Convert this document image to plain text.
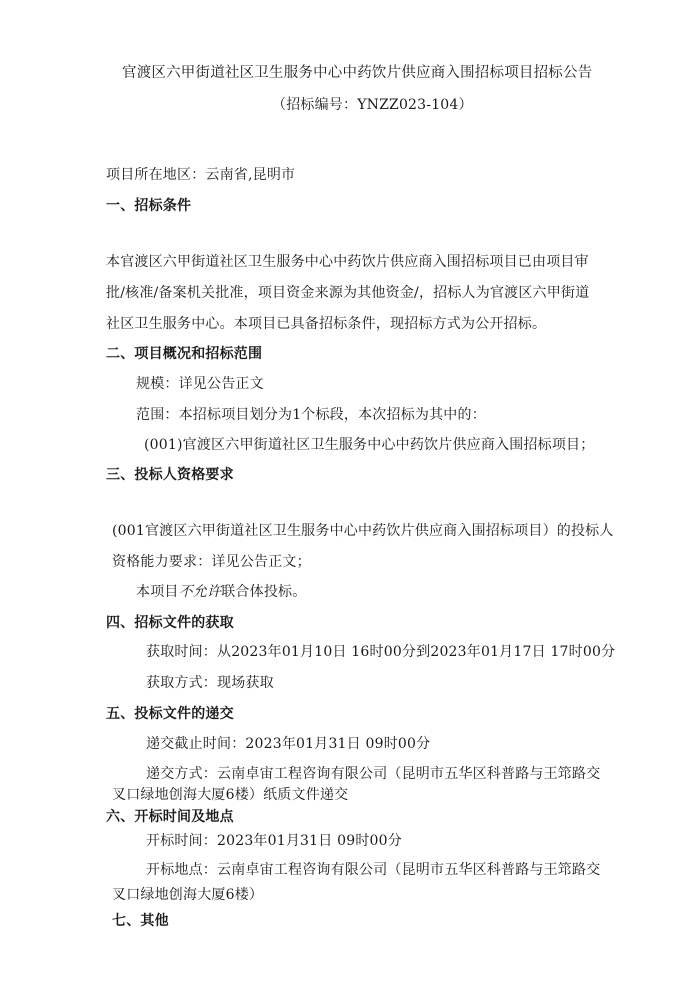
官渡区六甲街道社区卫生服务中心中药饮片供应商入围招标项目招标公告
（招标编号：YNZZ023-104）
项目所在地区：云南省,昆明市
一、招标条件
本官渡区六甲街道社区卫生服务中心中药饮片供应商入围招标项目已由项目审
批/核准/备案机关批准，项目资金来源为其他资金/，招标人为官渡区六甲街道
社区卫生服务中心。本项目已具备招标条件，现招标方式为公开招标。
二、项目概况和招标范围
规模：详见公告正文
范围：本招标项目划分为1个标段，本次招标为其中的：
(001)官渡区六甲街道社区卫生服务中心中药饮片供应商入围招标项目；
三、投标人资格要求
(001官渡区六甲街道社区卫生服务中心中药饮片供应商入围招标项目）的投标人
资格能力要求：详见公告正文；
本项目不允许联合体投标。
四、招标文件的获取
获取时间：从2023年01月10日 16时00分到2023年01月17日 17时00分
获取方式：现场获取
五、投标文件的递交
递交截止时间：2023年01月31日 09时00分
递交方式：云南卓宙工程咨询有限公司（昆明市五华区科普路与王筇路交
叉口绿地创海大厦6楼）纸质文件递交
六、开标时间及地点
开标时间：2023年01月31日 09时00分
开标地点：云南卓宙工程咨询有限公司（昆明市五华区科普路与王筇路交
叉口绿地创海大厦6楼）
七、其他
